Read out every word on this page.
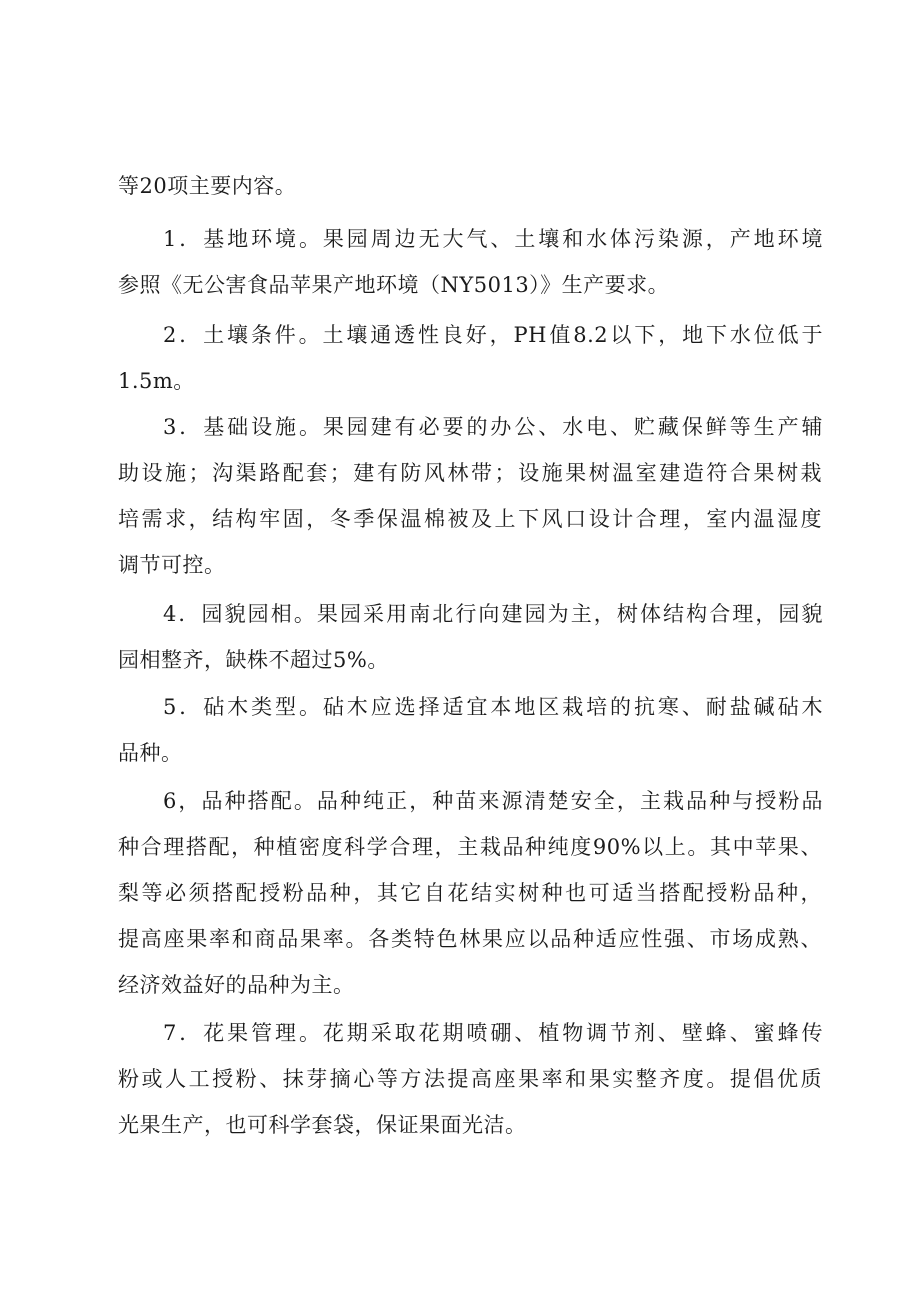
等20项主要内容。
1．基地环境。果园周边无大气、土壤和水体污染源，产地环境
参照《无公害食品苹果产地环境（NY5013）》生产要求。
2．土壤条件。土壤通透性良好，PH值8.2以下，地下水位低于
1.5m。
3．基础设施。果园建有必要的办公、水电、贮藏保鲜等生产辅
助设施；沟渠路配套；建有防风林带；设施果树温室建造符合果树栽
培需求，结构牢固，冬季保温棉被及上下风口设计合理，室内温湿度
调节可控。
4．园貌园相。果园采用南北行向建园为主，树体结构合理，园貌
园相整齐，缺株不超过5%。
5．砧木类型。砧木应选择适宜本地区栽培的抗寒、耐盐碱砧木
品种。
6，品种搭配。品种纯正，种苗来源清楚安全，主栽品种与授粉品
种合理搭配，种植密度科学合理，主栽品种纯度90%以上。其中苹果、
梨等必须搭配授粉品种，其它自花结实树种也可适当搭配授粉品种，
提高座果率和商品果率。各类特色林果应以品种适应性强、市场成熟、
经济效益好的品种为主。
7．花果管理。花期采取花期喷硼、植物调节剂、壁蜂、蜜蜂传
粉或人工授粉、抹芽摘心等方法提高座果率和果实整齐度。提倡优质
光果生产，也可科学套袋，保证果面光洁。
